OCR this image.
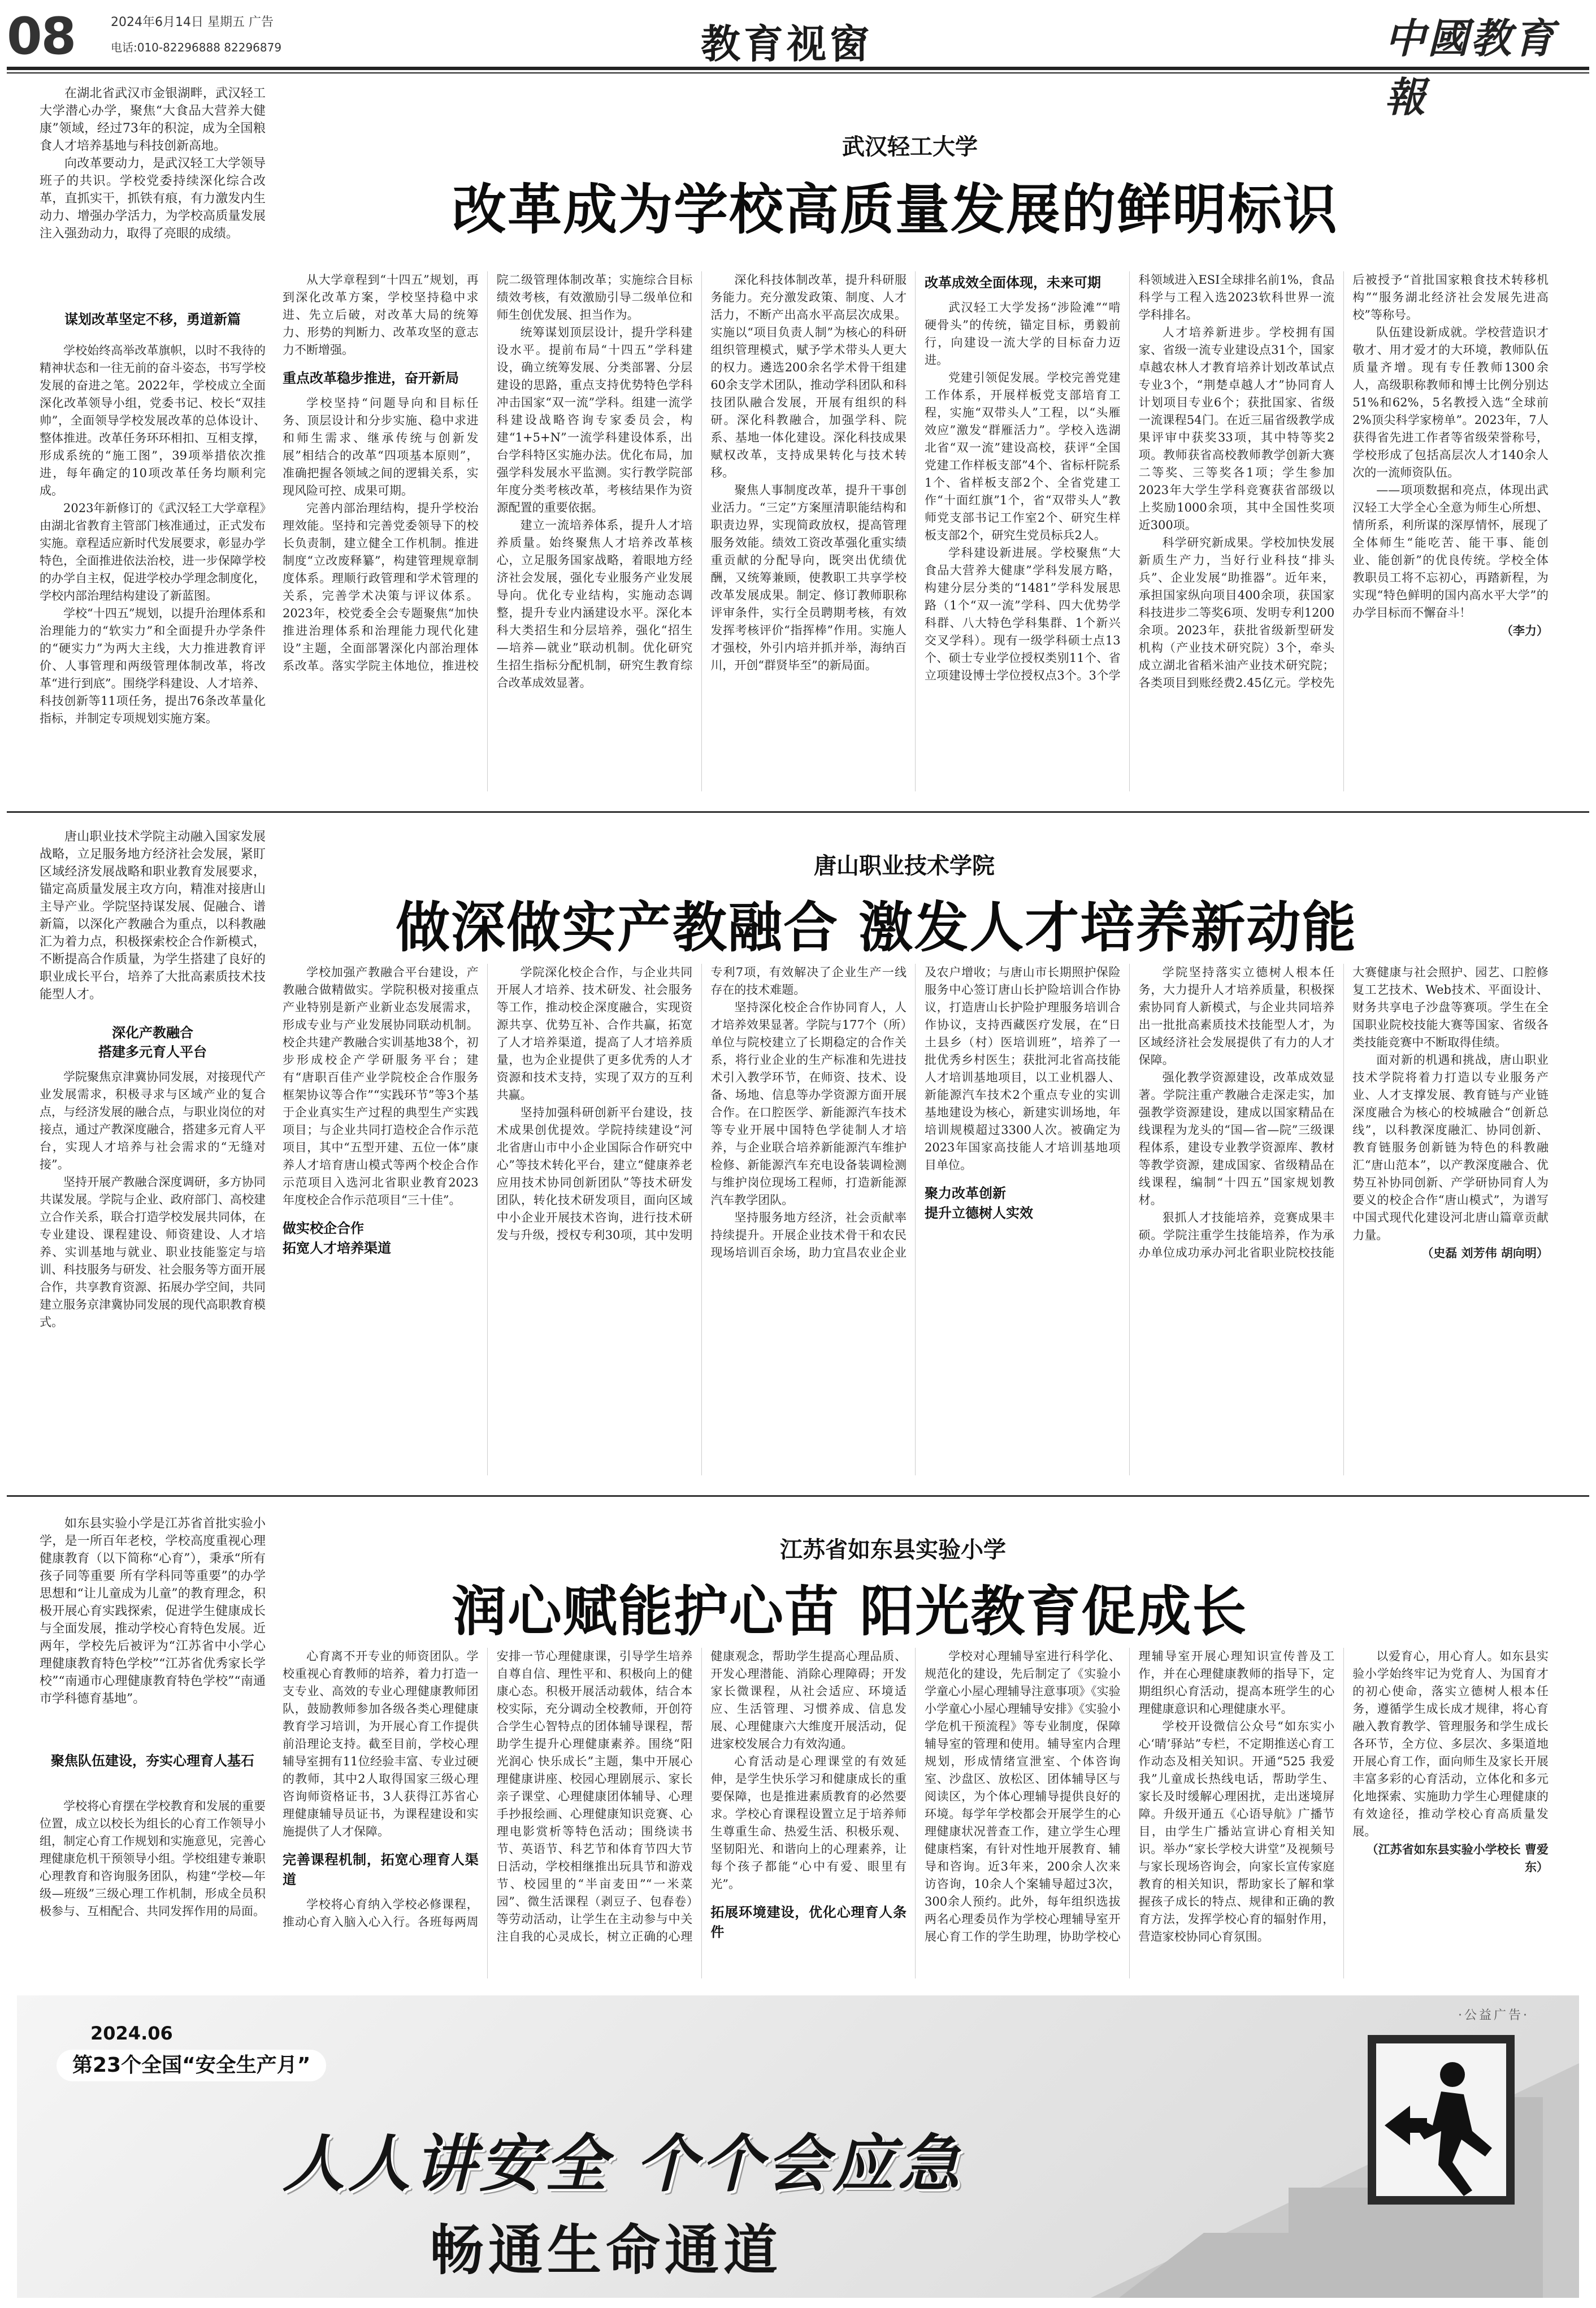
08	2024年6月14日 星期五 广告
电话:010-82296888 82296879	教育视窗	中國教育報

在湖北省武汉市金银湖畔，武汉轻工大学潜心办学，聚焦“大食品大营养大健康”领域，经过73年的积淀，成为全国粮食人才培养基地与科技创新高地。

向改革要动力，是武汉轻工大学领导班子的共识。学校党委持续深化综合改革，直抓实干，抓铁有痕，有力激发内生动力、增强办学活力，为学校高质量发展注入强劲动力，取得了亮眼的成绩。

谋划改革坚定不移，勇道新篇
武汉轻工大学
改革成为学校高质量发展的鲜明标识

学校始终高举改革旗帜，以时不我待的精神状态和一往无前的奋斗姿态，书写学校发展的奋进之笔。2022年，学校成立全面深化改革领导小组，党委书记、校长“双挂帅”，全面领导学校发展改革的总体设计、整体推进。改革任务环环相扣、互相支撑，形成系统的“施工图”，39项举措依次推进，每年确定的10项改革任务均顺利完成。

2023年新修订的《武汉轻工大学章程》由湖北省教育主管部门核准通过，正式发布实施。章程适应新时代发展要求，彰显办学特色，全面推进依法治校，进一步保障学校的办学自主权，促进学校办学理念制度化，学校内部治理结构建设了新蓝图。

学校“十四五”规划，以提升治理体系和治理能力的“软实力”和全面提升办学条件的“硬实力”为两大主线，大力推进教育评价、人事管理和两级管理体制改革，将改革“进行到底”。围绕学科建设、人才培养、科技创新等11项任务，提出76条改革量化指标，并制定专项规划实施方案。

从大学章程到“十四五”规划，再到深化改革方案，学校坚持稳中求进、先立后破，对改革大局的统筹力、形势的判断力、改革攻坚的意志力不断增强。

重点改革稳步推进，奋开新局

学校坚持“问题导向和目标任务、顶层设计和分步实施、稳中求进和师生需求、继承传统与创新发展”相结合的改革“四项基本原则”，准确把握各领域之间的逻辑关系，实现风险可控、成果可期。

完善内部治理结构，提升学校治理效能。坚持和完善党委领导下的校长负责制，建立健全工作机制。推进制度“立改废释纂”，构建管理规章制度体系。理顺行政管理和学术管理的关系，完善学术决策与评议体系。2023年，校党委全会专题聚焦“加快推进治理体系和治理能力现代化建设”主题，全面部署深化内部治理体系改革。落实学院主体地位，推进校院二级管理体制改革；实施综合目标绩效考核，有效激励引导二级单位和师生创优发展、担当作为。

统筹谋划顶层设计，提升学科建设水平。提前布局“十四五”学科建设，确立统筹发展、分类部署、分层建设的思路，重点支持优势特色学科冲击国家“双一流”学科。组建一流学科建设战略咨询专家委员会，构建“1+5+N”一流学科建设体系，出台学科特区实施办法。优化布局，加强学科发展水平监测。实行教学院部年度分类考核改革，考核结果作为资源配置的重要依据。

建立一流培养体系，提升人才培养质量。始终聚焦人才培养改革核心，立足服务国家战略，着眼地方经济社会发展，强化专业服务产业发展导向。优化专业结构，实施动态调整，提升专业内涵建设水平。深化本科大类招生和分层培养，强化“招生—培养—就业”联动机制。优化研究生招生指标分配机制，研究生教育综合改革成效显著。

深化科技体制改革，提升科研服务能力。充分激发政策、制度、人才活力，不断产出高水平高层次成果。实施以“项目负责人制”为核心的科研组织管理模式，赋予学术带头人更大的权力。遴选200余名学术骨干组建60余支学术团队，推动学科团队和科技团队融合发展，开展有组织的科研。深化科教融合，加强学科、院系、基地一体化建设。深化科技成果赋权改革，支持成果转化与技术转移。

聚焦人事制度改革，提升干事创业活力。“三定”方案厘清职能结构和职责边界，实现简政放权，提高管理服务效能。绩效工资改革强化重实绩重贡献的分配导向，既突出优绩优酬，又统筹兼顾，使教职工共享学校改革发展成果。制定、修订教师职称评审条件，实行全员聘期考核，有效发挥考核评价“指挥棒”作用。实施人才强校，外引内培并抓并举，海纳百川，开创“群贤毕至”的新局面。

改革成效全面体现，未来可期

武汉轻工大学发扬“涉险滩”“啃硬骨头”的传统，锚定目标，勇毅前行，向建设一流大学的目标奋力迈进。

党建引领促发展。学校完善党建工作体系，开展样板党支部培育工程，实施“双带头人”工程，以“头雁效应”激发“群雁活力”。学校入选湖北省“双一流”建设高校，获评“全国党建工作样板支部”4个、省标杆院系1个、省样板支部2个、全省党建工作“十面红旗”1个，省“双带头人”教师党支部书记工作室2个、研究生样板支部2个，研究生党员标兵2人。

学科建设新进展。学校聚焦“大食品大营养大健康”学科发展方略，构建分层分类的“1481”学科发展思路（1个“双一流”学科、四大优势学科群、八大特色学科集群、1个新兴交叉学科）。现有一级学科硕士点13个、硕士专业学位授权类别11个、省立项建设博士学位授权点3个。3个学科领域进入ESI全球排名前1%，食品科学与工程入选2023软科世界一流学科排名。

人才培养新进步。学校拥有国家、省级一流专业建设点31个，国家卓越农林人才教育培养计划改革试点专业3个，“荆楚卓越人才”协同育人计划项目专业6个；获批国家、省级一流课程54门。在近三届省级教学成果评审中获奖33项，其中特等奖2项。教师获省高校教师教学创新大赛二等奖、三等奖各1项；学生参加2023年大学生学科竞赛获省部级以上奖励1000余项，其中全国性奖项近300项。

科学研究新成果。学校加快发展新质生产力，当好行业科技“排头兵”、企业发展“助推器”。近年来，承担国家纵向项目400余项，获国家科技进步二等奖6项、发明专利1200余项。2023年，获批省级新型研发机构（产业技术研究院）3个，牵头成立湖北省稻米油产业技术研究院；各类项目到账经费2.45亿元。学校先后被授予“首批国家粮食技术转移机构”“服务湖北经济社会发展先进高校”等称号。

队伍建设新成就。学校营造识才敬才、用才爱才的大环境，教师队伍质量齐增。现有专任教师1300余人，高级职称教师和博士比例分别达51%和62%，5名教授入选“全球前2%顶尖科学家榜单”。2023年，7人获得省先进工作者等省级荣誉称号，学校形成了包括高层次人才140余人次的一流师资队伍。

——项项数据和亮点，体现出武汉轻工大学全心全意为师生心所想、情所系，利所谋的深厚情怀，展现了全体师生“能吃苦、能干事、能创业、能创新”的优良传统。学校全体教职员工将不忘初心，再踏新程，为实现“特色鲜明的国内高水平大学”的办学目标而不懈奋斗！

（李力）

唐山职业技术学院主动融入国家发展战略，立足服务地方经济社会发展，紧盯区域经济发展战略和职业教育发展要求，锚定高质量发展主攻方向，精准对接唐山主导产业。学院坚持谋发展、促融合、谱新篇，以深化产教融合为重点，以科教融汇为着力点，积极探索校企合作新模式，不断提高合作质量，为学生搭建了良好的职业成长平台，培养了大批高素质技术技能型人才。

深化产教融合
搭建多元育人平台
唐山职业技术学院
做深做实产教融合 激发人才培养新动能

学院聚焦京津冀协同发展，对接现代产业发展需求，积极寻求与区域产业的复合点，与经济发展的融合点，与职业岗位的对接点，通过产教深度融合，搭建多元育人平台，实现人才培养与社会需求的“无缝对接”。

坚持开展产教融合深度调研，多方协同共谋发展。学院与企业、政府部门、高校建立合作关系，联合打造学校发展共同体，在专业建设、课程建设、师资建设、人才培养、实训基地与就业、职业技能鉴定与培训、科技服务与研发、社会服务等方面开展合作，共享教育资源、拓展办学空间，共同建立服务京津冀协同发展的现代高职教育模式。

学校加强产教融合平台建设，产教融合做精做实。学院积极对接重点产业特别是新产业新业态发展需求，形成专业与产业发展协同联动机制。校企共建产教融合实训基地38个，初步形成校企产学研服务平台；建有“唐职百佳产业学院校企合作服务框架协议等合作”“实践环节”等3个基于企业真实生产过程的典型生产实践项目；与企业共同打造校企合作示范项目，其中“五型开建、五位一体”康养人才培育唐山模式等两个校企合作示范项目入选河北省职业教育2023年度校企合作示范项目“三十佳”。

做实校企合作
拓宽人才培养渠道

学院深化校企合作，与企业共同开展人才培养、技术研发、社会服务等工作，推动校企深度融合，实现资源共享、优势互补、合作共赢，拓宽了人才培养渠道，提高了人才培养质量，也为企业提供了更多优秀的人才资源和技术支持，实现了双方的互利共赢。

坚持加强科研创新平台建设，技术成果创优提效。学院持续建设“河北省唐山市中小企业国际合作研究中心”等技术转化平台，建立“健康养老应用技术协同创新团队”等技术研发团队，转化技术研发项目，面向区域中小企业开展技术咨询，进行技术研发与升级，授权专利30项，其中发明专利7项，有效解决了企业生产一线存在的技术难题。

坚持深化校企合作协同育人，人才培养效果显著。学院与177个（所）单位与院校建立了长期稳定的合作关系，将行业企业的生产标准和先进技术引入教学环节，在师资、技术、设备、场地、信息等办学资源方面开展合作。在口腔医学、新能源汽车技术等专业开展中国特色学徒制人才培养，与企业联合培养新能源汽车维护检修、新能源汽车充电设备装调检测与维护岗位现场工程师，打造新能源汽车教学团队。

坚持服务地方经济，社会贡献率持续提升。开展企业技术骨干和农民现场培训百余场，助力宜昌农业企业及农户增收；与唐山市长期照护保险服务中心签订唐山长护险培训合作协议，打造唐山长护险护理服务培训合作协议，支持西藏医疗发展，在“日土县乡（村）医培训班”，培养了一批优秀乡村医生；获批河北省高技能人才培训基地项目，以工业机器人、新能源汽车技术2个重点专业的实训基地建设为核心，新建实训场地，年培训规模超过3300人次。被确定为2023年国家高技能人才培训基地项目单位。

聚力改革创新
提升立德树人实效

学院坚持落实立德树人根本任务，大力提升人才培养质量，积极探索协同育人新模式，与企业共同培养出一批批高素质技术技能型人才，为区域经济社会发展提供了有力的人才保障。

强化教学资源建设，改革成效显著。学院注重产教融合走深走实，加强教学资源建设，建成以国家精品在线课程为龙头的“国—省—院”三级课程体系，建设专业教学资源库、教材等教学资源，建成国家、省级精品在线课程，编制“十四五”国家规划教材。

狠抓人才技能培养，竞赛成果丰硕。学院注重学生技能培养，作为承办单位成功承办河北省职业院校技能大赛健康与社会照护、园艺、口腔修复工艺技术、Web技术、平面设计、财务共享电子沙盘等赛项。学生在全国职业院校技能大赛等国家、省级各类技能竞赛中不断取得佳绩。

面对新的机遇和挑战，唐山职业技术学院将着力打造以专业服务产业、人才支撑发展、教育链与产业链深度融合为核心的校城融合“创新总线”，以科教深度融汇、协同创新、教育链服务创新链为特色的科教融汇“唐山范本”，以产教深度融合、优势互补协同创新、产学研协同育人为要义的校企合作“唐山模式”，为谱写中国式现代化建设河北唐山篇章贡献力量。

（史磊 刘芳伟 胡向明）

如东县实验小学是江苏省首批实验小学，是一所百年老校，学校高度重视心理健康教育（以下简称“心育”），秉承“所有孩子同等重要 所有学科同等重要”的办学思想和“让儿童成为儿童”的教育理念，积极开展心育实践探索，促进学生健康成长与全面发展，推动学校心育特色发展。近两年，学校先后被评为“江苏省中小学心理健康教育特色学校”“江苏省优秀家长学校”“南通市心理健康教育特色学校”“南通市学科德育基地”。

聚焦队伍建设，夯实心理育人基石
江苏省如东县实验小学
润心赋能护心苗 阳光教育促成长

学校将心育摆在学校教育和发展的重要位置，成立以校长为组长的心育工作领导小组，制定心育工作规划和实施意见，完善心理健康危机干预领导小组。学校组建专兼职心理教育和咨询服务团队，构建“学校—年级—班级”三级心理工作机制，形成全员积极参与、互相配合、共同发挥作用的局面。

心育离不开专业的师资团队。学校重视心育教师的培养，着力打造一支专业、高效的专业心理健康教师团队，鼓励教师参加各级各类心理健康教育学习培训，为开展心育工作提供前沿理论支持。截至目前，学校心理辅导室拥有11位经验丰富、专业过硬的教师，其中2人取得国家三级心理咨询师资格证书，3人获得江苏省心理健康辅导员证书，为课程建设和实施提供了人才保障。

完善课程机制，拓宽心理育人渠道

学校将心育纳入学校必修课程，推动心育入脑入心入行。各班每两周安排一节心理健康课，引导学生培养自尊自信、理性平和、积极向上的健康心态。积极开展活动载体，结合本校实际，充分调动全校教师，开创符合学生心智特点的团体辅导课程，帮助学生提升心理健康素养。围绕“阳光润心 快乐成长”主题，集中开展心理健康讲座、校园心理剧展示、家长亲子课堂、心理健康团体辅导、心理手抄报绘画、心理健康知识竞赛、心理电影赏析等特色活动；围绕读书节、英语节、科艺节和体育节四大节日活动，学校相继推出玩具节和游戏节、校园里的“半亩麦田”“一米菜园”、微生活课程（剥豆子、包春卷）等劳动活动，让学生在主动参与中关注自我的心灵成长，树立正确的心理健康观念，帮助学生提高心理品质、开发心理潜能、消除心理障碍；开发家长微课程，从社会适应、环境适应、生活管理、习惯养成、信息发展、心理健康六大维度开展活动，促进家校发展合力有效沟通。

心育活动是心理课堂的有效延伸，是学生快乐学习和健康成长的重要保障，也是推进素质教育的必然要求。学校心育课程设置立足于培养师生尊重生命、热爱生活、积极乐观、坚韧阳光、和谐向上的心理素养，让每个孩子都能“心中有爱、眼里有光”。

拓展环境建设，优化心理育人条件

学校对心理辅导室进行科学化、规范化的建设，先后制定了《实验小学童心小屋心理辅导注意事项》《实验小学童心小屋心理辅导安排》《实验小学危机干预流程》等专业制度，保障辅导室的管理和使用。辅导室内合理规划，形成情绪宣泄室、个体咨询室、沙盘区、放松区、团体辅导区与阅读区，为个体心理辅导提供良好的环境。每学年学校都会开展学生的心理健康状况普查工作，建立学生心理健康档案，有针对性地开展教育、辅导和咨询。近3年来，200余人次来访咨询，10余人个案辅导超过3次，300余人预约。此外，每年组织选拔两名心理委员作为学校心理辅导室开展心育工作的学生助理，协助学校心理辅导室开展心理知识宣传普及工作，并在心理健康教师的指导下，定期组织心育活动，提高本班学生的心理健康意识和心理健康水平。

学校开设微信公众号“如东实小心‘晴’驿站”专栏，不定期推送心育工作动态及相关知识。开通“525 我爱我”儿童成长热线电话，帮助学生、家长及时缓解心理困扰，走出迷境屏障。升级开通五《心语导航》广播节目，由学生广播站宣讲心育相关知识。举办“家长学校大讲堂”及视频号与家长现场咨询会，向家长宣传家庭教育的相关知识，帮助家长了解和掌握孩子成长的特点、规律和正确的教育方法，发挥学校心育的辐射作用，营造家校协同心育氛围。

以爱育心，用心育人。如东县实验小学始终牢记为党育人、为国育才的初心使命，落实立德树人根本任务，遵循学生成长成才规律，将心育融入教育教学、管理服务和学生成长各环节，全方位、多层次、多渠道地开展心育工作，面向师生及家长开展丰富多彩的心育活动，立体化和多元化地探索、实施助力学生心理健康的有效途径，推动学校心育高质量发展。

（江苏省如东县实验小学校长 曹爱东）

·公益广告·
2024.06
第23个全国“安全生产月”
人人讲安全 个个会应急
畅通生命通道
